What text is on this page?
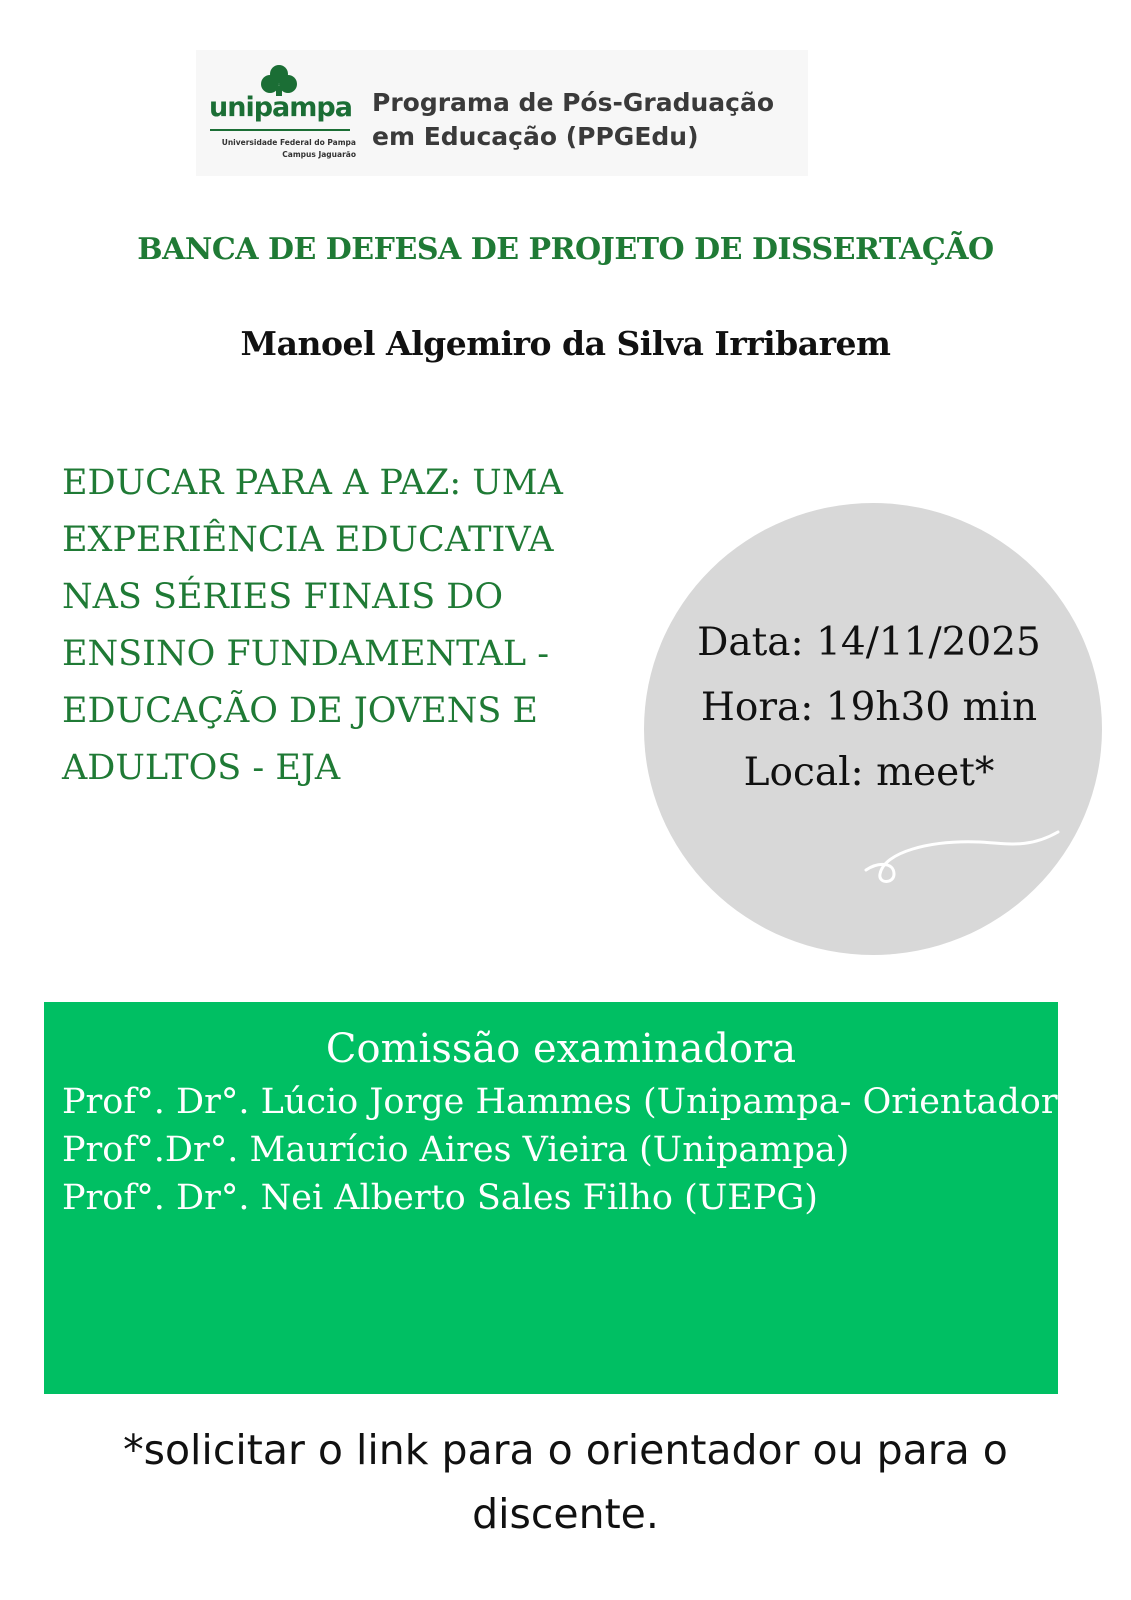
unipampa
Universidade Federal do Pampa
Campus Jaguarão
Programa de Pós-Graduação
em Educação (PPGEdu)
BANCA DE DEFESA DE PROJETO DE DISSERTAÇÃO
Manoel Algemiro da Silva Irribarem
EDUCAR PARA A PAZ: UMA
EXPERIÊNCIA EDUCATIVA
NAS SÉRIES FINAIS DO
ENSINO FUNDAMENTAL -
EDUCAÇÃO DE JOVENS E
ADULTOS - EJA
Data: 14/11/2025
Hora: 19h30 min
Local: meet*
Comissão examinadora
Prof°. Dr°. Lúcio Jorge Hammes (Unipampa- Orientador)
Prof°.Dr°. Maurício Aires Vieira (Unipampa)
Prof°. Dr°. Nei Alberto Sales Filho (UEPG)
*solicitar o link para o orientador ou para o
discente.
